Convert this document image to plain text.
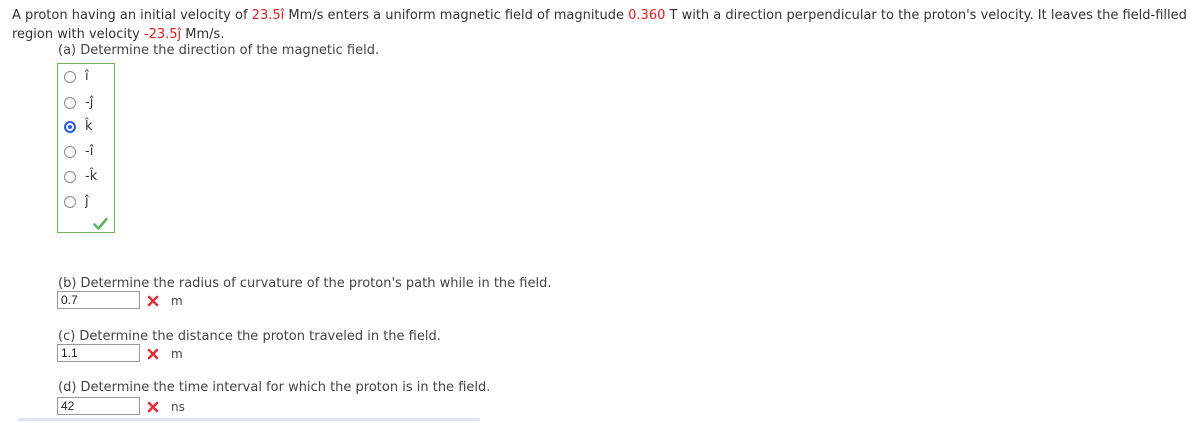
A proton having an initial velocity of 23.5î Mm/s enters a uniform magnetic field of magnitude 0.360 T with a direction perpendicular to the proton's velocity. It leaves the field-filled region with velocity -23.5ĵ Mm/s.
(a) Determine the direction of the magnetic field.
î
-ĵ
k̂
-î
-k̂
ĵ
(b) Determine the radius of curvature of the proton's path while in the field.
0.7	m
(c) Determine the distance the proton traveled in the field.
1.1	m
(d) Determine the time interval for which the proton is in the field.
42	ns
